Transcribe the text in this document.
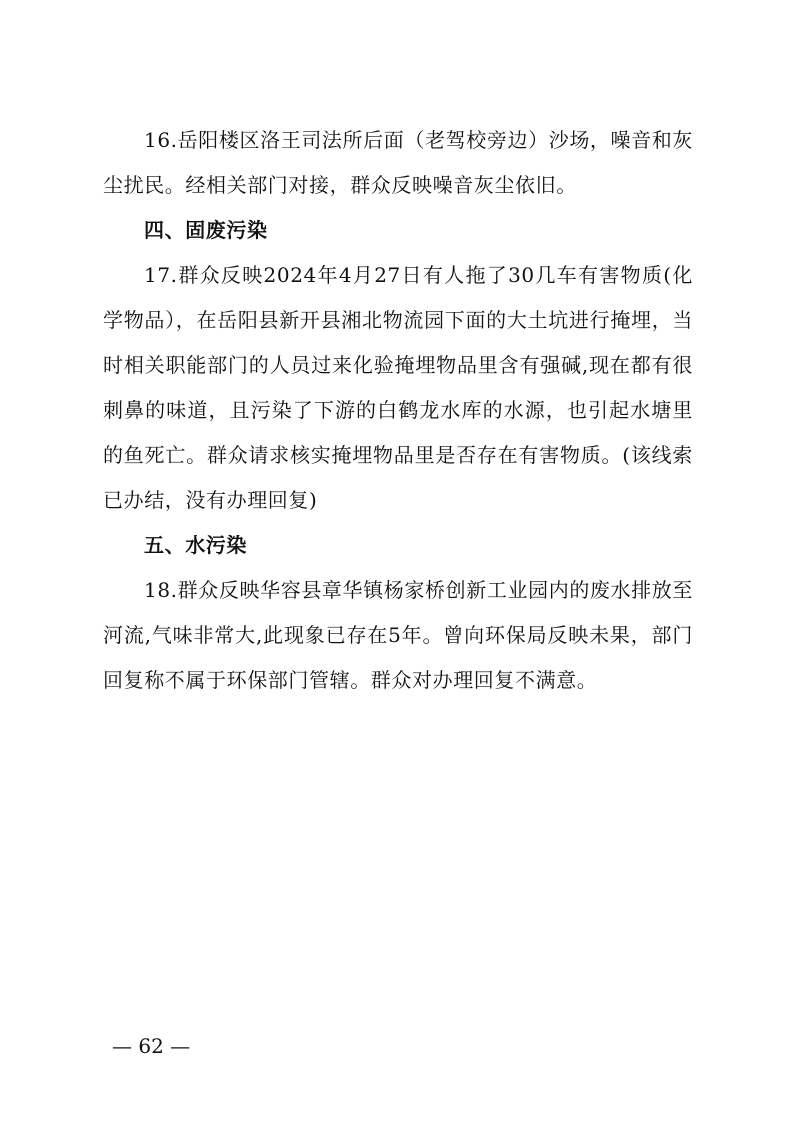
16.岳阳楼区洛王司法所后面（老驾校旁边）沙场，噪音和灰尘扰民。经相关部门对接，群众反映噪音灰尘依旧。

四、固废污染

17.群众反映2024年4月27日有人拖了30几车有害物质(化学物品），在岳阳县新开县湘北物流园下面的大土坑进行掩埋，当时相关职能部门的人员过来化验掩埋物品里含有强碱,现在都有很刺鼻的味道，且污染了下游的白鹤龙水库的水源，也引起水塘里的鱼死亡。群众请求核实掩埋物品里是否存在有害物质。(该线索已办结，没有办理回复)

五、水污染

18.群众反映华容县章华镇杨家桥创新工业园内的废水排放至河流,气味非常大,此现象已存在5年。曾向环保局反映未果，部门回复称不属于环保部门管辖。群众对办理回复不满意。

— 62 —
